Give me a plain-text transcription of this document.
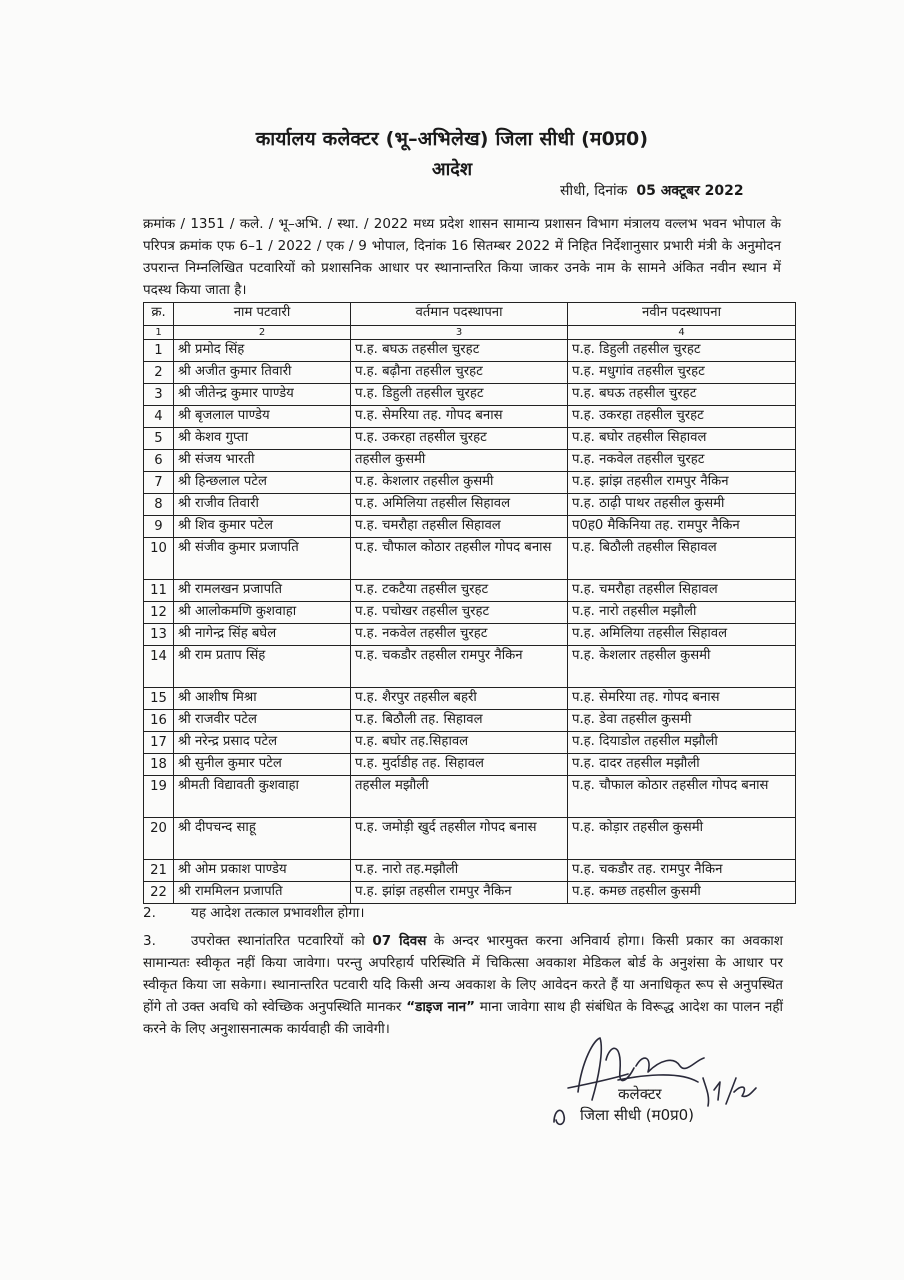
कार्यालय कलेक्टर (भू–अभिलेख) जिला सीधी (म0प्र0)
आदेश
सीधी, दिनांक 05 अक्टूबर 2022
क्रमांक / 1351 / कले. / भू–अभि. / स्था. / 2022 मध्य प्रदेश शासन सामान्य प्रशासन विभाग मंत्रालय वल्लभ भवन भोपाल के परिपत्र क्रमांक एफ 6–1 / 2022 / एक / 9 भोपाल, दिनांक 16 सितम्बर 2022 में निहित निर्देशानुसार प्रभारी मंत्री के अनुमोदन उपरान्त निम्नलिखित पटवारियों को प्रशासनिक आधार पर स्थानान्तरित किया जाकर उनके नाम के सामने अंकित नवीन स्थान में पदस्थ किया जाता है।
क्र.	नाम पटवारी	वर्तमान पदस्थापना	नवीन पदस्थापना
1	2	3	4
1	श्री प्रमोद सिंह	प.ह. बघऊ तहसील चुरहट	प.ह. डिहुली तहसील चुरहट
2	श्री अजीत कुमार तिवारी	प.ह. बढ़ौना तहसील चुरहट	प.ह. मधुगांव तहसील चुरहट
3	श्री जीतेन्द्र कुमार पाण्डेय	प.ह. डिहुली तहसील चुरहट	प.ह. बघऊ तहसील चुरहट
4	श्री बृजलाल पाण्डेय	प.ह. सेमरिया तह. गोपद बनास	प.ह. उकरहा तहसील चुरहट
5	श्री केशव गुप्ता	प.ह. उकरहा तहसील चुरहट	प.ह. बघोर तहसील सिहावल
6	श्री संजय भारती	तहसील कुसमी	प.ह. नकवेल तहसील चुरहट
7	श्री हिन्छलाल पटेल	प.ह. केशलार तहसील कुसमी	प.ह. झांझ तहसील रामपुर नैकिन
8	श्री राजीव तिवारी	प.ह. अमिलिया तहसील सिहावल	प.ह. ठाढ़ी पाथर तहसील कुसमी
9	श्री शिव कुमार पटेल	प.ह. चमरौहा तहसील सिहावल	प0ह0 मैकिनिया तह. रामपुर नैकिन
10	श्री संजीव कुमार प्रजापति	प.ह. चौफाल कोठार तहसील गोपद बनास	प.ह. बिठौली तहसील सिहावल
11	श्री रामलखन प्रजापति	प.ह. टकटैया तहसील चुरहट	प.ह. चमरौहा तहसील सिहावल
12	श्री आलोकमणि कुशवाहा	प.ह. पचोखर तहसील चुरहट	प.ह. नारो तहसील मझौली
13	श्री नागेन्द्र सिंह बघेल	प.ह. नकवेल तहसील चुरहट	प.ह. अमिलिया तहसील सिहावल
14	श्री राम प्रताप सिंह	प.ह. चकडौर तहसील रामपुर नैकिन	प.ह. केशलार तहसील कुसमी
15	श्री आशीष मिश्रा	प.ह. शैरपुर तहसील बहरी	प.ह. सेमरिया तह. गोपद बनास
16	श्री राजवीर पटेल	प.ह. बिठौली तह. सिहावल	प.ह. डेवा तहसील कुसमी
17	श्री नरेन्द्र प्रसाद पटेल	प.ह. बघोर तह.सिहावल	प.ह. दियाडोल तहसील मझौली
18	श्री सुनील कुमार पटेल	प.ह. मुर्दाडीह तह. सिहावल	प.ह. दादर तहसील मझौली
19	श्रीमती विद्यावती कुशवाहा	तहसील मझौली	प.ह. चौफाल कोठार तहसील गोपद बनास
20	श्री दीपचन्द साहू	प.ह. जमोड़ी खुर्द तहसील गोपद बनास	प.ह. कोड़ार तहसील कुसमी
21	श्री ओम प्रकाश पाण्डेय	प.ह. नारो तह.मझौली	प.ह. चकडौर तह. रामपुर नैकिन
22	श्री राममिलन प्रजापति	प.ह. झांझ तहसील रामपुर नैकिन	प.ह. कमछ तहसील कुसमी
2.	यह आदेश तत्काल प्रभावशील होगा।
3.	उपरोक्त स्थानांतरित पटवारियों को 07 दिवस के अन्दर भारमुक्त करना अनिवार्य होगा। किसी प्रकार का अवकाश सामान्यतः स्वीकृत नहीं किया जावेगा। परन्तु अपरिहार्य परिस्थिति में चिकित्सा अवकाश मेडिकल बोर्ड के अनुशंसा के आधार पर स्वीकृत किया जा सकेगा। स्थानान्तरित पटवारी यदि किसी अन्य अवकाश के लिए आवेदन करते हैं या अनाधिकृत रूप से अनुपस्थित होंगे तो उक्त अवधि को स्वेच्छिक अनुपस्थिति मानकर “डाइज नान” माना जावेगा साथ ही संबंधित के विरूद्ध आदेश का पालन नहीं करने के लिए अनुशासनात्मक कार्यवाही की जावेगी।
कलेक्टर
जिला सीधी (म0प्र0)
